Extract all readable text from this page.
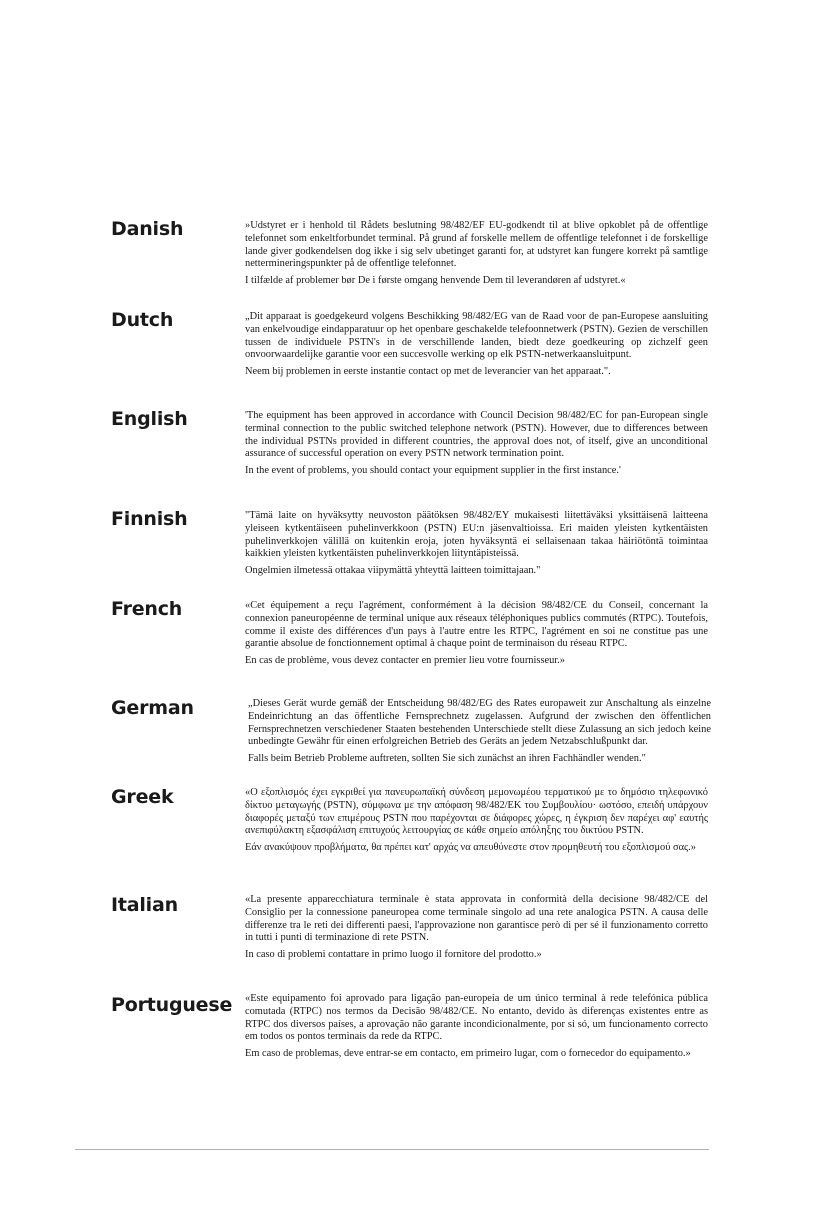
Danish	»Udstyret er i henhold til Rådets beslutning 98/482/EF EU-godkendt til at blive opkoblet på de offentlige telefonnet som enkeltforbundet terminal. På grund af forskelle mellem de offentlige telefonnet i de forskellige lande giver godkendelsen dog ikke i sig selv ubetinget garanti for, at udstyret kan fungere korrekt på samtlige nettermineringspunkter på de offentlige telefonnet.

I tilfælde af problemer bør De i første omgang henvende Dem til leverandøren af udstyret.«

Dutch	„Dit apparaat is goedgekeurd volgens Beschikking 98/482/EG van de Raad voor de pan-Europese aansluiting van enkelvoudige eindapparatuur op het openbare geschakelde telefoonnetwerk (PSTN). Gezien de verschillen tussen de individuele PSTN's in de verschillende landen, biedt deze goedkeuring op zichzelf geen onvoorwaardelijke garantie voor een succesvolle werking op elk PSTN-netwerkaansluitpunt.

Neem bij problemen in eerste instantie contact op met de leverancier van het apparaat.".

English	'The equipment has been approved in accordance with Council Decision 98/482/EC for pan-European single terminal connection to the public switched telephone network (PSTN). However, due to differences between the individual PSTNs provided in different countries, the approval does not, of itself, give an unconditional assurance of successful operation on every PSTN network termination point.

In the event of problems, you should contact your equipment supplier in the first instance.'

Finnish	"Tämä laite on hyväksytty neuvoston päätöksen 98/482/EY mukaisesti liitettäväksi yksittäisenä laitteena yleiseen kytkentäiseen puhelinverkkoon (PSTN) EU:n jäsenvaltioissa. Eri maiden yleisten kytkentäisten puhelinverkkojen välillä on kuitenkin eroja, joten hyväksyntä ei sellaisenaan takaa häiriötöntä toimintaa kaikkien yleisten kytkentäisten puhelinverkkojen liityntäpisteissä.

Ongelmien ilmetessä ottakaa viipymättä yhteyttä laitteen toimittajaan."

French	«Cet équipement a reçu l'agrément, conformément à la décision 98/482/CE du Conseil, concernant la connexion paneuropéenne de terminal unique aux réseaux téléphoniques publics commutés (RTPC). Toutefois, comme il existe des différences d'un pays à l'autre entre les RTPC, l'agrément en soi ne constitue pas une garantie absolue de fonctionnement optimal à chaque point de terminaison du réseau RTPC.

En cas de problème, vous devez contacter en premier lieu votre fournisseur.»

German	„Dieses Gerät wurde gemäß der Entscheidung 98/482/EG des Rates europaweit zur Anschaltung als einzelne Endeinrichtung an das öffentliche Fernsprechnetz zugelassen. Aufgrund der zwischen den öffentlichen Fernsprechnetzen verschiedener Staaten bestehenden Unterschiede stellt diese Zulassung an sich jedoch keine unbedingte Gewähr für einen erfolgreichen Betrieb des Geräts an jedem Netzabschlußpunkt dar.

Falls beim Betrieb Probleme auftreten, sollten Sie sich zunächst an ihren Fachhändler wenden."

Greek	«Ο εξοπλισμός έχει εγκριθεί για πανευρωπαϊκή σύνδεση μεμονωμέου τερματικού με το δημόσιο τηλεφωνικό δίκτυο μεταγωγής (PSTN), σύμφωνα με την απόφαση 98/482/ΕΚ του Συμβουλίου· ωστόσο, επειδή υπάρχουν διαφορές μεταξύ των επιμέρους PSTN που παρέχονται σε διάφορες χώρες, η έγκριση δεν παρέχει αφ' εαυτής ανεπιφύλακτη εξασφάλιση επιτυχούς λειτουργίας σε κάθε σημείο απόληξης του δικτύου PSTN.

Εάν ανακύψουν προβλήματα, θα πρέπει κατ' αρχάς να απευθύνεστε στον προμηθευτή του εξοπλισμού σας.»

Italian	«La presente apparecchiatura terminale è stata approvata in conformità della decisione 98/482/CE del Consiglio per la connessione paneuropea come terminale singolo ad una rete analogica PSTN. A causa delle differenze tra le reti dei differenti paesi, l'approvazione non garantisce però di per sé il funzionamento corretto in tutti i punti di terminazione di rete PSTN.

In caso di problemi contattare in primo luogo il fornitore del prodotto.»

Portuguese «Este equipamento foi aprovado para ligação pan-europeia de um único terminal à rede telefónica pública comutada (RTPC) nos termos da Decisão 98/482/CE. No entanto, devido às diferenças existentes entre as RTPC dos diversos países, a aprovação não garante incondicionalmente, por si só, um funcionamento correcto em todos os pontos terminais da rede da RTPC.

Em caso de problemas, deve entrar-se em contacto, em primeiro lugar, com o fornecedor do equipamento.»
